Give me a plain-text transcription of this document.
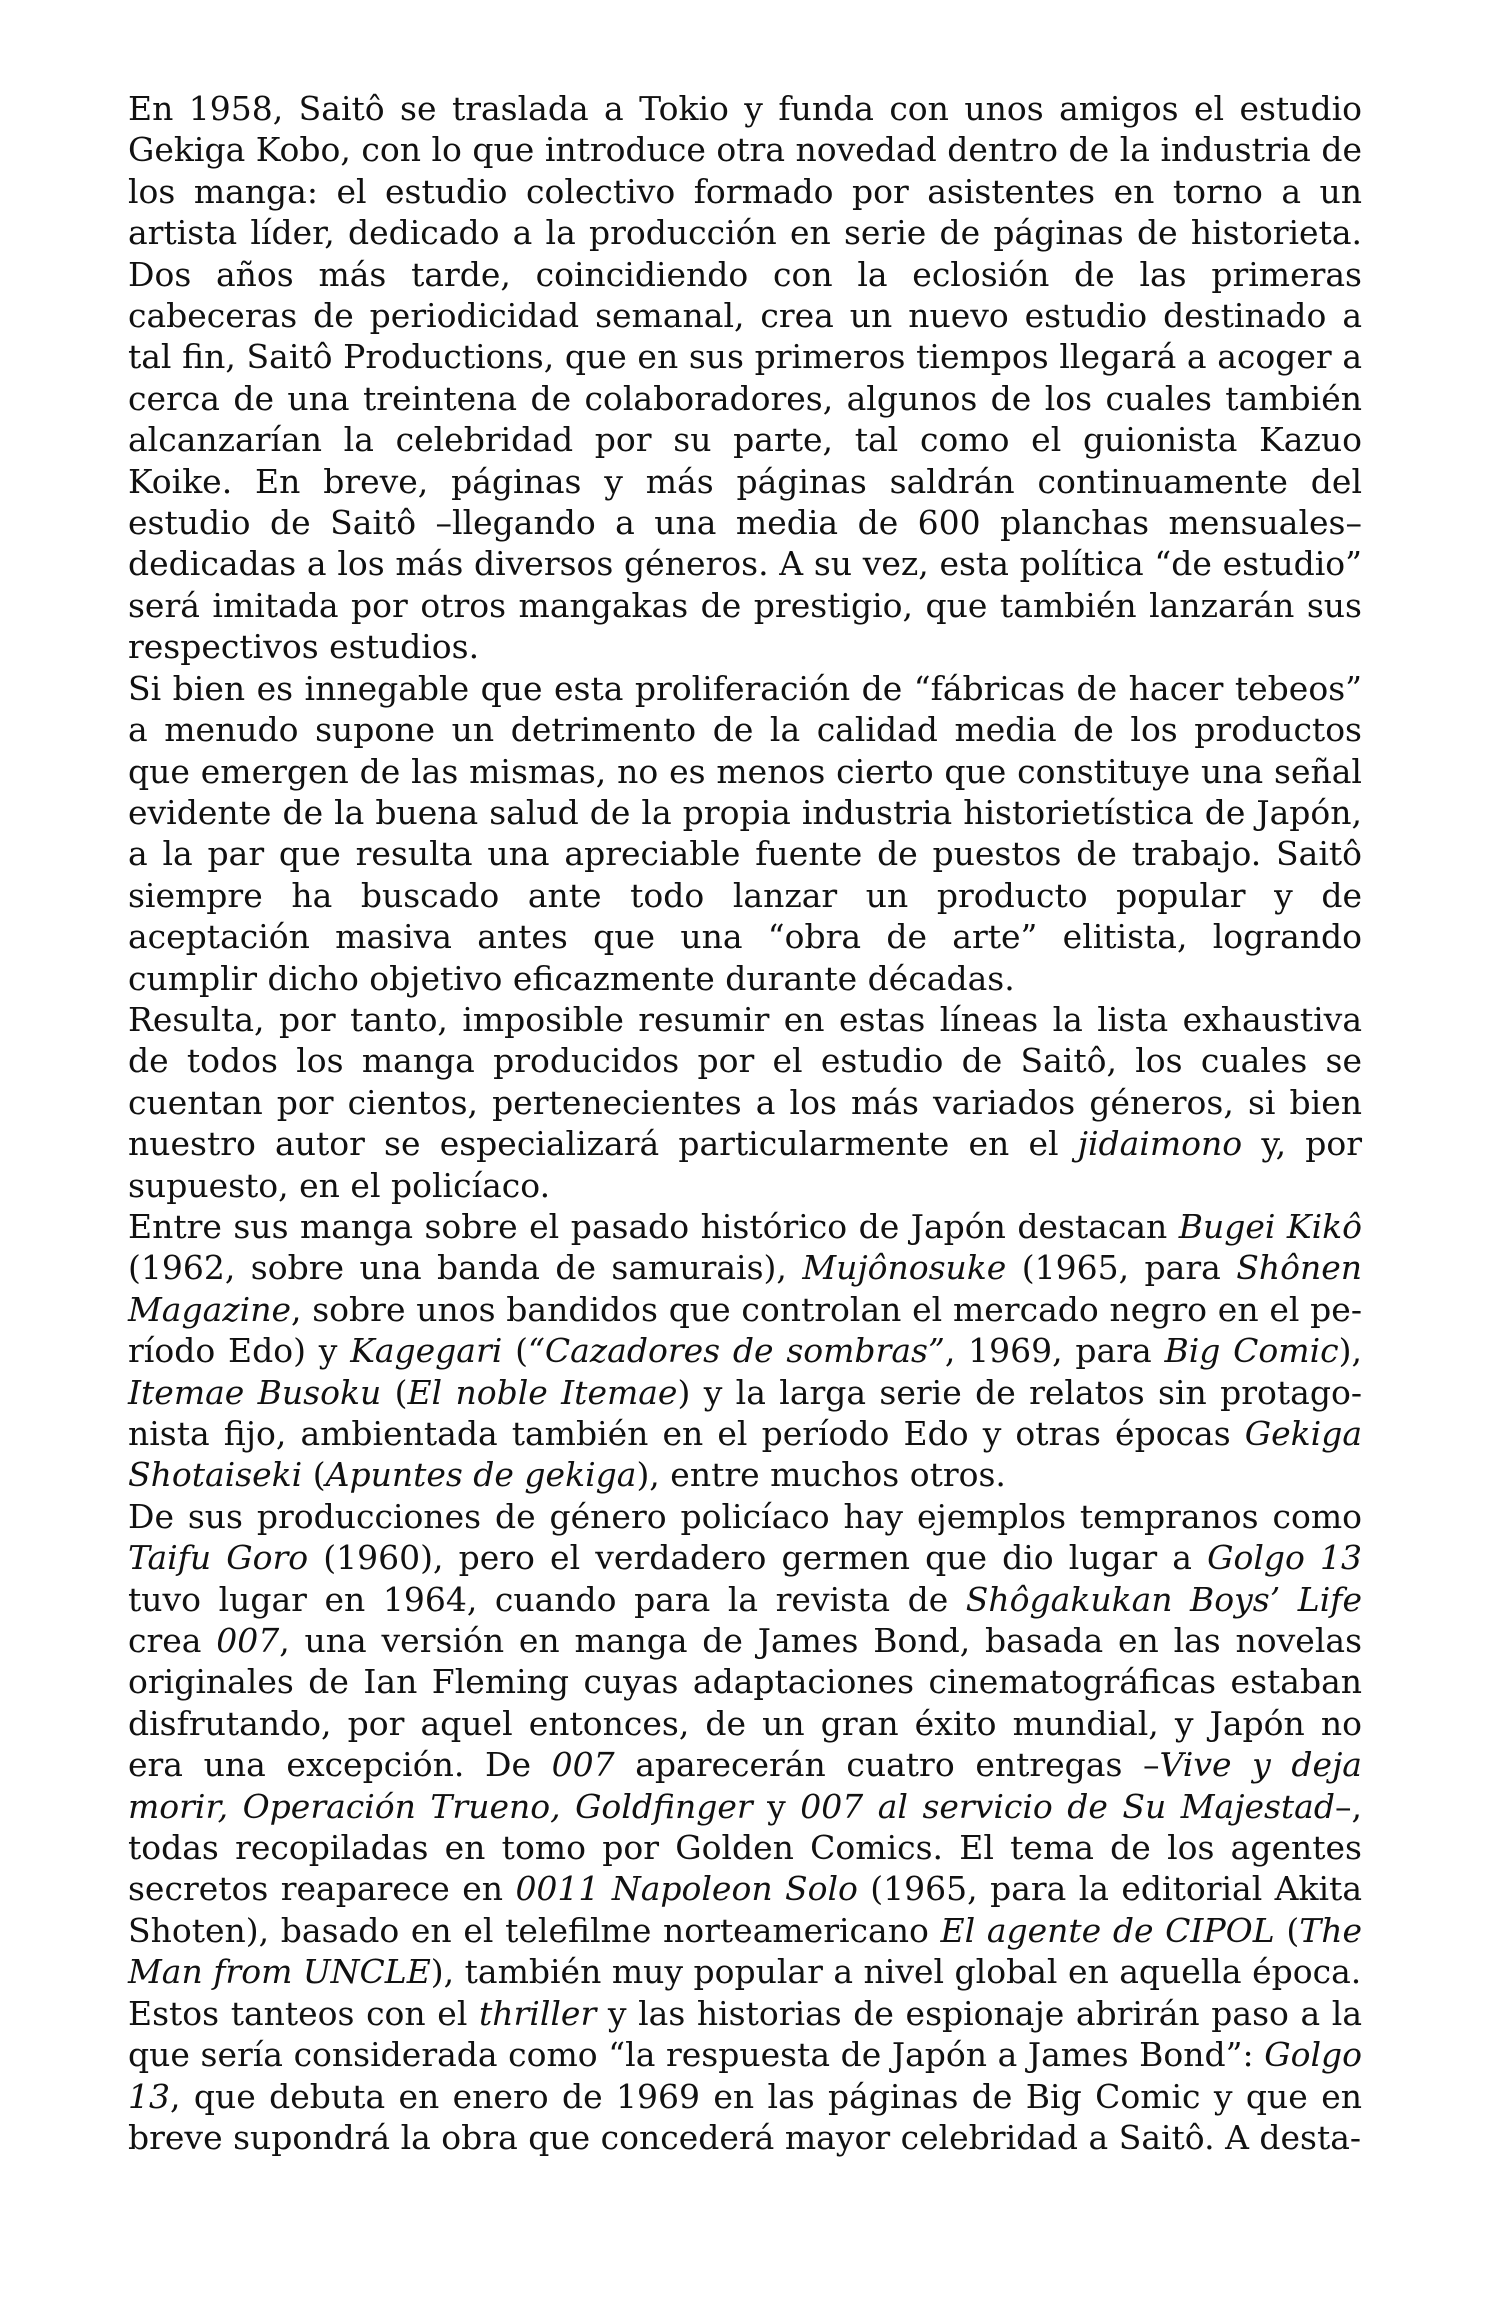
En 1958, Saitô se traslada a Tokio y funda con unos amigos el estudio Gekiga Kobo, con lo que introduce otra novedad dentro de la industria de los manga: el estudio colectivo formado por asistentes en torno a un artista líder, dedicado a la producción en serie de páginas de historieta. Dos años más tarde, coincidiendo con la eclosión de las primeras cabeceras de periodicidad semanal, crea un nuevo estudio destinado a tal fin, Saitô Productions, que en sus primeros tiempos llegará a acoger a cerca de una treintena de colaboradores, algunos de los cuales también alcanzarían la celebridad por su parte, tal como el guionista Kazuo Koike. En breve, páginas y más páginas saldrán continuamente del estudio de Saitô –llegando a una media de 600 planchas mensuales– dedicadas a los más diversos géneros. A su vez, esta política “de estudio” será imitada por otros mangakas de prestigio, que también lanzarán sus respectivos estudios.

Si bien es innegable que esta proliferación de “fábricas de hacer tebeos” a menudo supone un detrimento de la calidad media de los productos que emergen de las mismas, no es menos cierto que constituye una señal evidente de la buena salud de la propia industria historietística de Japón, a la par que resulta una apreciable fuente de puestos de trabajo. Saitô siempre ha buscado ante todo lanzar un producto popular y de aceptación masiva antes que una “obra de arte” elitista, logrando cumplir dicho objetivo eficazmente durante décadas.

Resulta, por tanto, imposible resumir en estas líneas la lista exhaustiva de todos los manga producidos por el estudio de Saitô, los cuales se cuentan por cientos, pertenecientes a los más variados géneros, si bien nuestro autor se especializará particularmente en el jidaimono y, por supuesto, en el policíaco.

Entre sus manga sobre el pasado histórico de Japón destacan Bugei Kikô (1962, sobre una banda de samurais), Mujônosuke (1965, para Shônen Magazine, sobre unos bandidos que controlan el mercado negro en el período Edo) y Kagegari (“Cazadores de sombras”, 1969, para Big Comic), Itemae Busoku (El noble Itemae) y la larga serie de relatos sin protagonista fijo, ambientada también en el período Edo y otras épocas Gekiga Shotaiseki (Apuntes de gekiga), entre muchos otros.

De sus producciones de género policíaco hay ejemplos tempranos como Taifu Goro (1960), pero el verdadero germen que dio lugar a Golgo 13 tuvo lugar en 1964, cuando para la revista de Shôgakukan Boys’ Life crea 007, una versión en manga de James Bond, basada en las novelas originales de Ian Fleming cuyas adaptaciones cinematográficas estaban disfrutando, por aquel entonces, de un gran éxito mundial, y Japón no era una excepción. De 007 aparecerán cuatro entregas –Vive y deja morir, Operación Trueno, Goldfinger y 007 al servicio de Su Majestad–, todas recopiladas en tomo por Golden Comics. El tema de los agentes secretos reaparece en 0011 Napoleon Solo (1965, para la editorial Akita Shoten), basado en el telefilme norteamericano El agente de CIPOL (The Man from UNCLE), también muy popular a nivel global en aquella época.

Estos tanteos con el thriller y las historias de espionaje abrirán paso a la que sería considerada como “la respuesta de Japón a James Bond”: Golgo 13, que debuta en enero de 1969 en las páginas de Big Comic y que en breve supondrá la obra que concederá mayor celebridad a Saitô. A desta-
